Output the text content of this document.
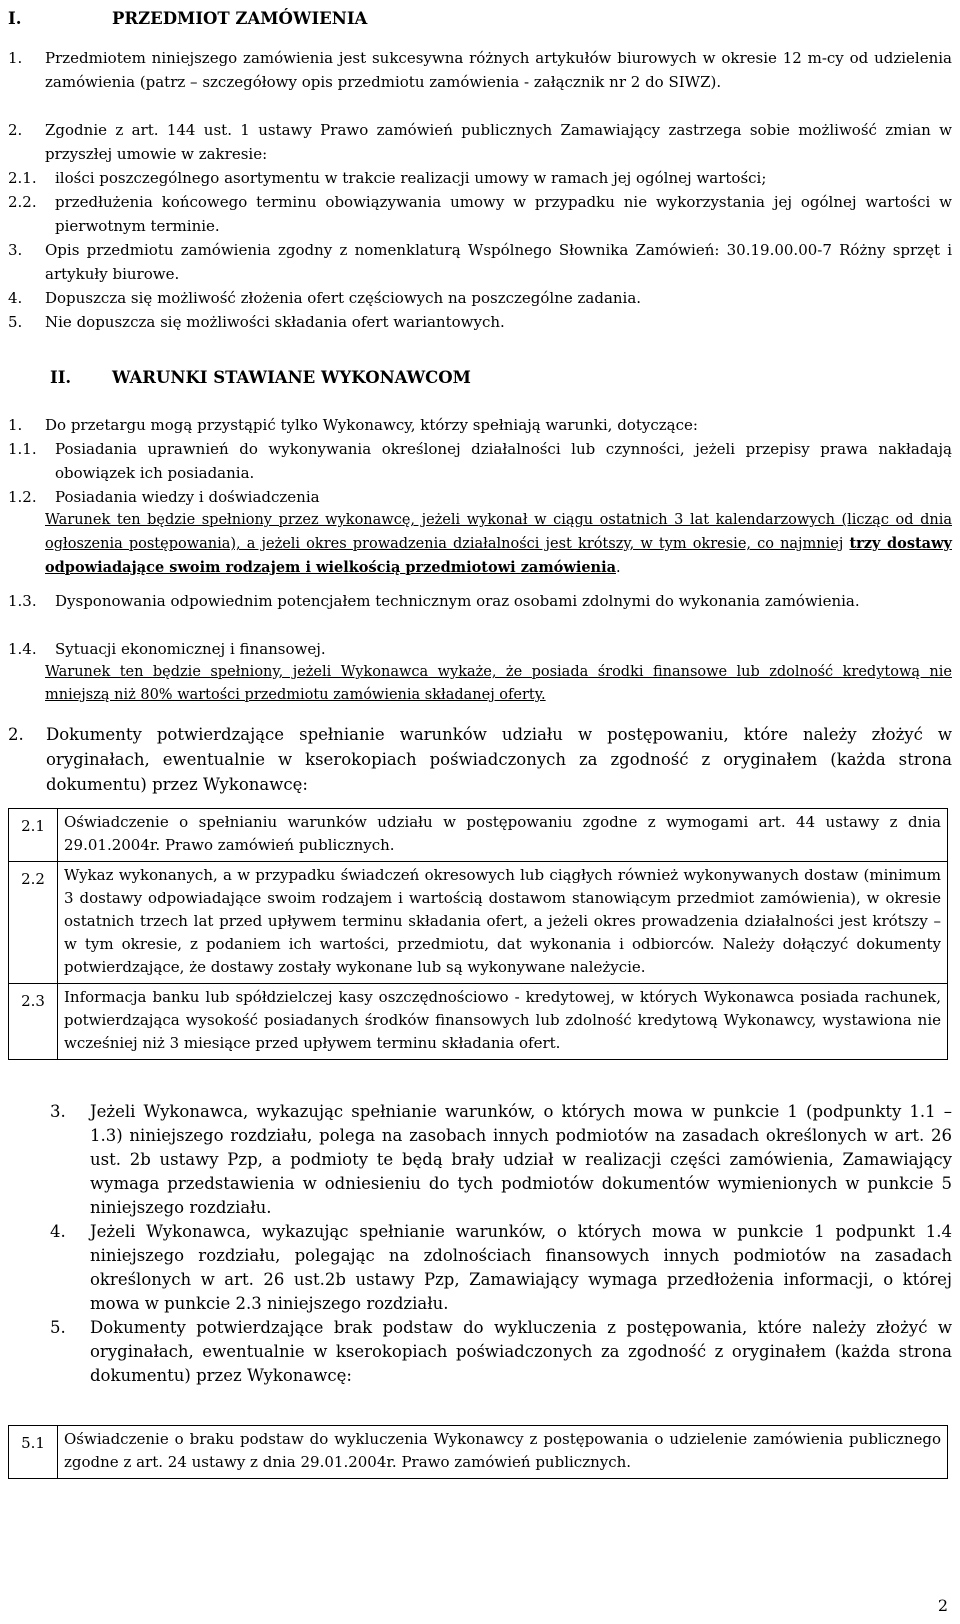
I.	PRZEDMIOT ZAMÓWIENIA
1.	Przedmiotem niniejszego zamówienia jest sukcesywna różnych artykułów biurowych w okresie 12 m-cy od udzielenia zamówienia (patrz – szczegółowy opis przedmiotu zamówienia - załącznik nr 2 do SIWZ).
2.	Zgodnie z art. 144 ust. 1 ustawy Prawo zamówień publicznych Zamawiający zastrzega sobie możliwość zmian w przyszłej umowie w zakresie:
2.1.	ilości poszczególnego asortymentu w trakcie realizacji umowy w ramach jej ogólnej wartości;
2.2.	przedłużenia końcowego terminu obowiązywania umowy w przypadku nie wykorzystania jej ogólnej wartości w pierwotnym terminie.
3.	Opis przedmiotu zamówienia zgodny z nomenklaturą Wspólnego Słownika Zamówień: 30.19.00.00-7 Różny sprzęt i artykuły biurowe.
4.	Dopuszcza się możliwość złożenia ofert częściowych na poszczególne zadania.
5.	Nie dopuszcza się możliwości składania ofert wariantowych.
II. WARUNKI STAWIANE WYKONAWCOM
1.	Do przetargu mogą przystąpić tylko Wykonawcy, którzy spełniają warunki, dotyczące:
1.1.	Posiadania uprawnień do wykonywania określonej działalności lub czynności, jeżeli przepisy prawa nakładają obowiązek ich posiadania.
1.2.	Posiadania wiedzy i doświadczenia
Warunek ten będzie spełniony przez wykonawcę, jeżeli wykonał w ciągu ostatnich 3 lat kalendarzowych (licząc od dnia ogłoszenia postępowania), a jeżeli okres prowadzenia działalności jest krótszy, w tym okresie, co najmniej trzy dostawy odpowiadające swoim rodzajem i wielkością przedmiotowi zamówienia.
1.3.	Dysponowania odpowiednim potencjałem technicznym oraz osobami zdolnymi do wykonania zamówienia.
1.4.	Sytuacji ekonomicznej i finansowej.
Warunek ten będzie spełniony, jeżeli Wykonawca wykaże, że posiada środki finansowe lub zdolność kredytową nie mniejszą niż 80% wartości przedmiotu zamówienia składanej oferty.
2.	Dokumenty potwierdzające spełnianie warunków udziału w postępowaniu, które należy złożyć w oryginałach, ewentualnie w kserokopiach poświadczonych za zgodność z oryginałem (każda strona dokumentu) przez Wykonawcę:
2.1	Oświadczenie o spełnianiu warunków udziału w postępowaniu zgodne z wymogami art. 44 ustawy z dnia 29.01.2004r. Prawo zamówień publicznych.
2.2	Wykaz wykonanych, a w przypadku świadczeń okresowych lub ciągłych również wykonywanych dostaw (minimum 3 dostawy odpowiadające swoim rodzajem i wartością dostawom stanowiącym przedmiot zamówienia), w okresie ostatnich trzech lat przed upływem terminu składania ofert, a jeżeli okres prowadzenia działalności jest krótszy – w tym okresie, z podaniem ich wartości, przedmiotu, dat wykonania i odbiorców. Należy dołączyć dokumenty potwierdzające, że dostawy zostały wykonane lub są wykonywane należycie.
2.3	Informacja banku lub spółdzielczej kasy oszczędnościowo - kredytowej, w których Wykonawca posiada rachunek, potwierdzająca wysokość posiadanych środków finansowych lub zdolność kredytową Wykonawcy, wystawiona nie wcześniej niż 3 miesiące przed upływem terminu składania ofert.
3.	Jeżeli Wykonawca, wykazując spełnianie warunków, o których mowa w punkcie 1 (podpunkty 1.1 – 1.3) niniejszego rozdziału, polega na zasobach innych podmiotów na zasadach określonych w art. 26 ust. 2b ustawy Pzp, a podmioty te będą brały udział w realizacji części zamówienia, Zamawiający wymaga przedstawienia w odniesieniu do tych podmiotów dokumentów wymienionych w punkcie 5 niniejszego rozdziału.
4.	Jeżeli Wykonawca, wykazując spełnianie warunków, o których mowa w punkcie 1 podpunkt 1.4 niniejszego rozdziału, polegając na zdolnościach finansowych innych podmiotów na zasadach określonych w art. 26 ust.2b ustawy Pzp, Zamawiający wymaga przedłożenia informacji, o której mowa w punkcie 2.3 niniejszego rozdziału.
5.	Dokumenty potwierdzające brak podstaw do wykluczenia z postępowania, które należy złożyć w oryginałach, ewentualnie w kserokopiach poświadczonych za zgodność z oryginałem (każda strona dokumentu) przez Wykonawcę:
5.1	Oświadczenie o braku podstaw do wykluczenia Wykonawcy z postępowania o udzielenie zamówienia publicznego zgodne z art. 24 ustawy z dnia 29.01.2004r. Prawo zamówień publicznych.
2
